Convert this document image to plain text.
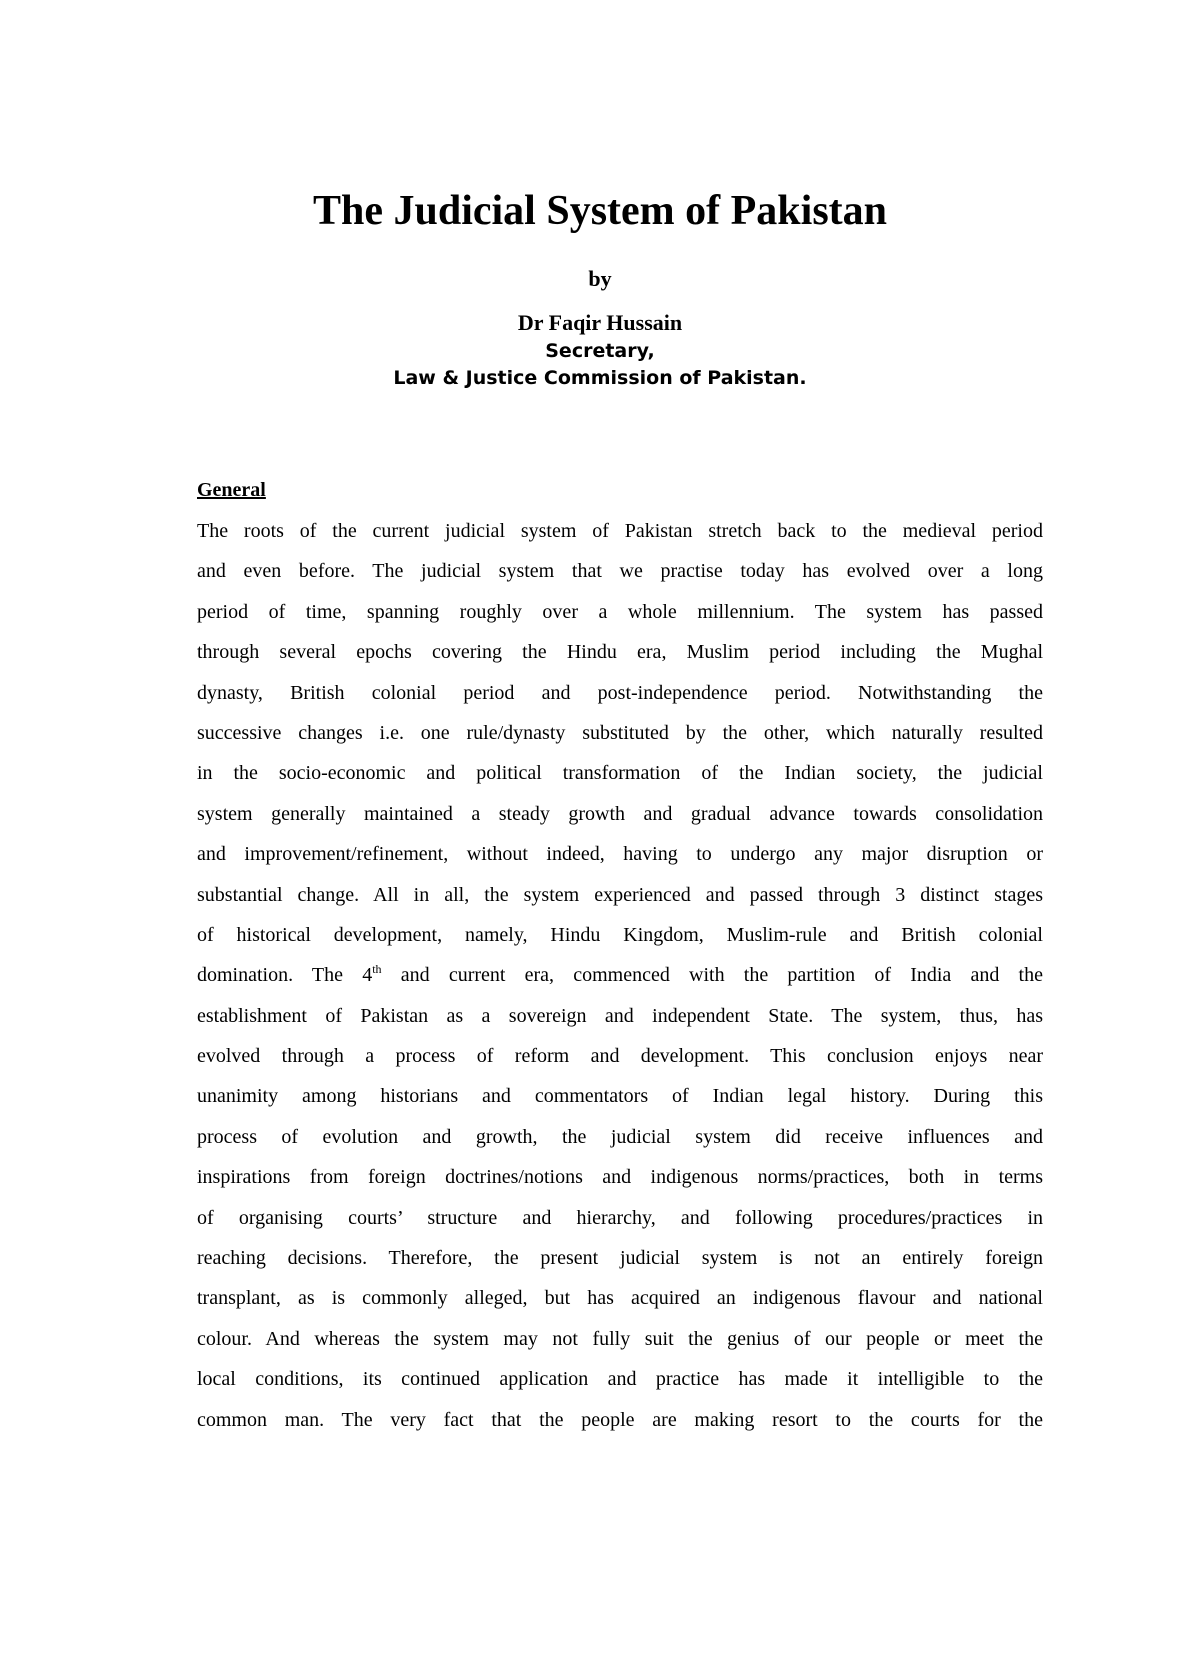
The Judicial System of Pakistan
by
Dr Faqir Hussain
Secretary,
Law & Justice Commission of Pakistan.
General
The roots of the current judicial system of Pakistan stretch back to the medieval period
and even before. The judicial system that we practise today has evolved over a long
period of time, spanning roughly over a whole millennium. The system has passed
through several epochs covering the Hindu era, Muslim period including the Mughal
dynasty, British colonial period and post-independence period. Notwithstanding the
successive changes i.e. one rule/dynasty substituted by the other, which naturally resulted
in the socio-economic and political transformation of the Indian society, the judicial
system generally maintained a steady growth and gradual advance towards consolidation
and improvement/refinement, without indeed, having to undergo any major disruption or
substantial change. All in all, the system experienced and passed through 3 distinct stages
of historical development, namely, Hindu Kingdom, Muslim-rule and British colonial
domination. The 4th and current era, commenced with the partition of India and the
establishment of Pakistan as a sovereign and independent State. The system, thus, has
evolved through a process of reform and development. This conclusion enjoys near
unanimity among historians and commentators of Indian legal history. During this
process of evolution and growth, the judicial system did receive influences and
inspirations from foreign doctrines/notions and indigenous norms/practices, both in terms
of organising courts’ structure and hierarchy, and following procedures/practices in
reaching decisions. Therefore, the present judicial system is not an entirely foreign
transplant, as is commonly alleged, but has acquired an indigenous flavour and national
colour. And whereas the system may not fully suit the genius of our people or meet the
local conditions, its continued application and practice has made it intelligible to the
common man. The very fact that the people are making resort to the courts for the
